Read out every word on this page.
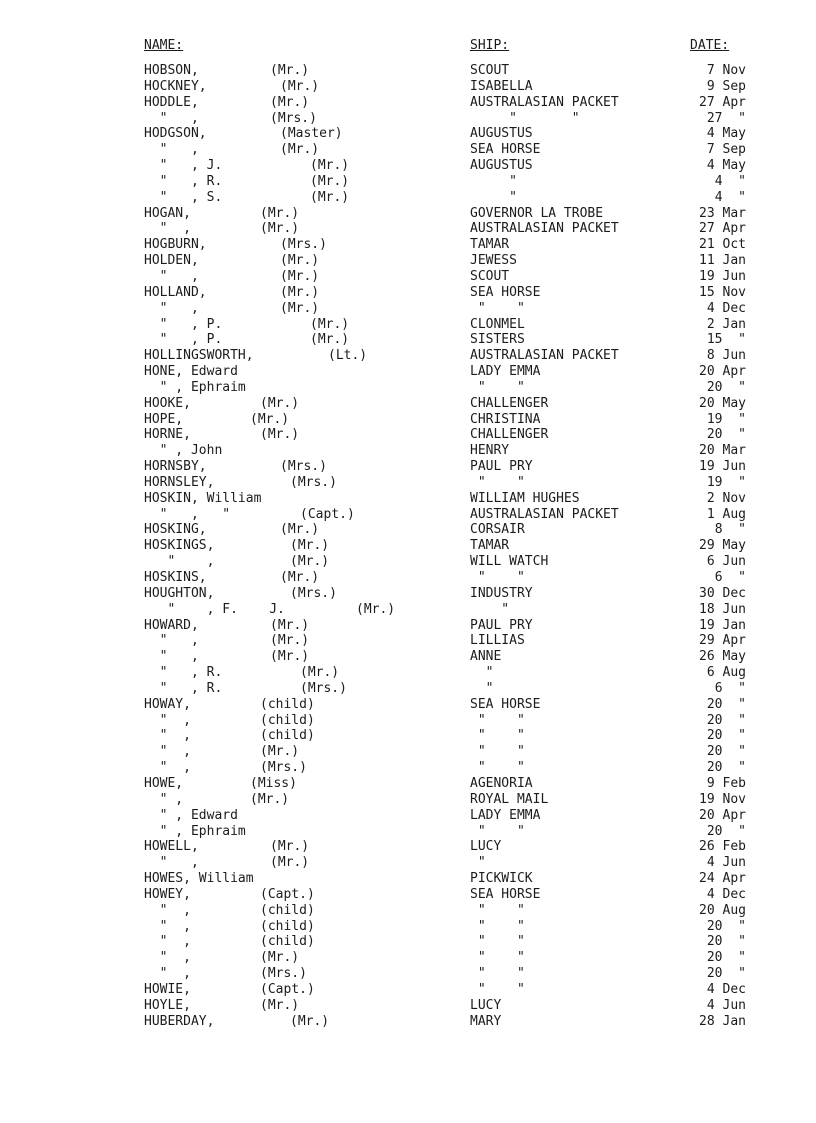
NAME:	SHIP:	DATE:
HOBSON,	(Mr.)	SCOUT	7 Nov
HOCKNEY,	(Mr.)	ISABELLA	9 Sep
HODDLE,	(Mr.)	AUSTRALASIAN PACKET	27 Apr
"   ,	(Mrs.)	"       "	27  "
HODGSON,	(Master)	AUGUSTUS	4 May
"   ,	(Mr.)	SEA HORSE	7 Sep
"   , J.	(Mr.)	AUGUSTUS	4 May
"   , R.	(Mr.)	"	4  "
"   , S.	(Mr.)	"	4  "
HOGAN,	(Mr.)	GOVERNOR LA TROBE	23 Mar
"  ,	(Mr.)	AUSTRALASIAN PACKET	27 Apr
HOGBURN,	(Mrs.)	TAMAR	21 Oct
HOLDEN,	(Mr.)	JEWESS	11 Jan
"   ,	(Mr.)	SCOUT	19 Jun
HOLLAND,	(Mr.)	SEA HORSE	15 Nov
"   ,	(Mr.)	"    "	4 Dec
"   , P.	(Mr.)	CLONMEL	2 Jan
"   , P.	(Mr.)	SISTERS	15  "
HOLLINGSWORTH,	(Lt.)	AUSTRALASIAN PACKET	8 Jun
HONE, Edward	LADY EMMA	20 Apr
" , Ephraim	"    "	20  "
HOOKE,	(Mr.)	CHALLENGER	20 May
HOPE,	(Mr.)	CHRISTINA	19  "
HORNE,	(Mr.)	CHALLENGER	20  "
" , John	HENRY	20 Mar
HORNSBY,	(Mrs.)	PAUL PRY	19 Jun
HORNSLEY,	(Mrs.)	"    "	19  "
HOSKIN, William	WILLIAM HUGHES	2 Nov
"   ,   "	(Capt.)	AUSTRALASIAN PACKET	1 Aug
HOSKING,	(Mr.)	CORSAIR	8  "
HOSKINGS,	(Mr.)	TAMAR	29 May
"    ,	(Mr.)	WILL WATCH	6 Jun
HOSKINS,	(Mr.)	"    "	6  "
HOUGHTON,	(Mrs.)	INDUSTRY	30 Dec
"    , F.    J.	(Mr.)	"	18 Jun
HOWARD,	(Mr.)	PAUL PRY	19 Jan
"   ,	(Mr.)	LILLIAS	29 Apr
"   ,	(Mr.)	ANNE	26 May
"   , R.	(Mr.)	"	6 Aug
"   , R.	(Mrs.)	"	6  "
HOWAY,	(child)	SEA HORSE	20  "
"  ,	(child)	"    "	20  "
"  ,	(child)	"    "	20  "
"  ,	(Mr.)	"    "	20  "
"  ,	(Mrs.)	"    "	20  "
HOWE,	(Miss)	AGENORIA	9 Feb
" ,	(Mr.)	ROYAL MAIL	19 Nov
" , Edward	LADY EMMA	20 Apr
" , Ephraim	"    "	20  "
HOWELL,	(Mr.)	LUCY	26 Feb
"   ,	(Mr.)	"	4 Jun
HOWES, William	PICKWICK	24 Apr
HOWEY,	(Capt.)	SEA HORSE	4 Dec
"  ,	(child)	"    "	20 Aug
"  ,	(child)	"    "	20  "
"  ,	(child)	"    "	20  "
"  ,	(Mr.)	"    "	20  "
"  ,	(Mrs.)	"    "	20  "
HOWIE,	(Capt.)	"    "	4 Dec
HOYLE,	(Mr.)	LUCY	4 Jun
HUBERDAY,	(Mr.)	MARY	28 Jan
